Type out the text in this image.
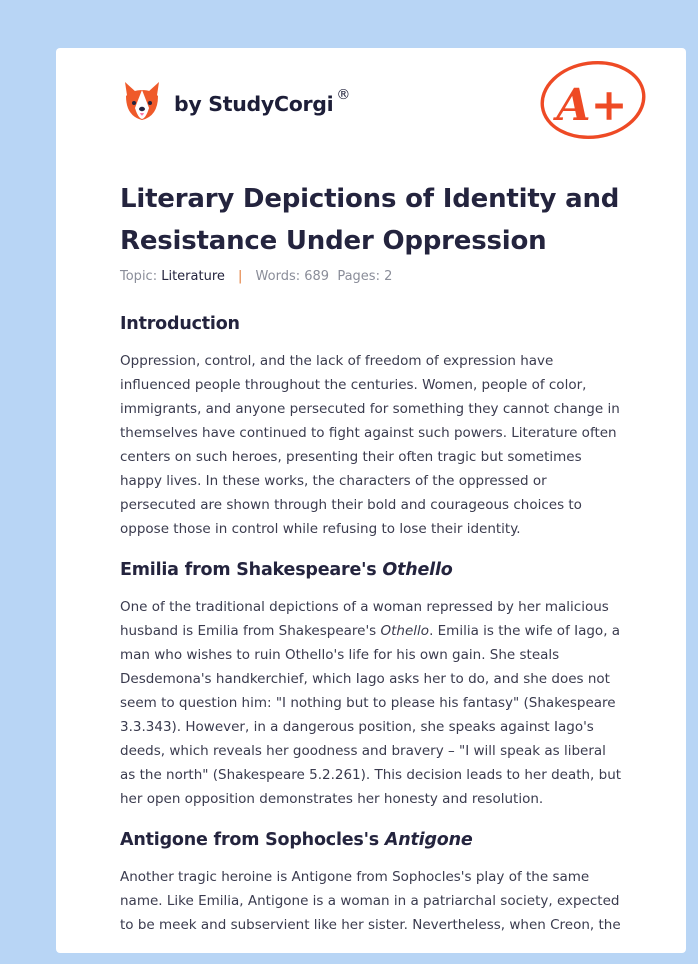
by StudyCorgi ®	A+
Literary Depictions of Identity and
Resistance Under Oppression
Topic: Literature | Words: 689 Pages: 2
Introduction

Oppression, control, and the lack of freedom of expression have
influenced people throughout the centuries. Women, people of color,
immigrants, and anyone persecuted for something they cannot change in
themselves have continued to fight against such powers. Literature often
centers on such heroes, presenting their often tragic but sometimes
happy lives. In these works, the characters of the oppressed or
persecuted are shown through their bold and courageous choices to
oppose those in control while refusing to lose their identity.

Emilia from Shakespeare's Othello

One of the traditional depictions of a woman repressed by her malicious
husband is Emilia from Shakespeare's Othello. Emilia is the wife of Iago, a
man who wishes to ruin Othello's life for his own gain. She steals
Desdemona's handkerchief, which Iago asks her to do, and she does not
seem to question him: "I nothing but to please his fantasy" (Shakespeare
3.3.343). However, in a dangerous position, she speaks against Iago's
deeds, which reveals her goodness and bravery – "I will speak as liberal
as the north" (Shakespeare 5.2.261). This decision leads to her death, but
her open opposition demonstrates her honesty and resolution.

Antigone from Sophocles's Antigone

Another tragic heroine is Antigone from Sophocles's play of the same
name. Like Emilia, Antigone is a woman in a patriarchal society, expected
to be meek and subservient like her sister. Nevertheless, when Creon, the
